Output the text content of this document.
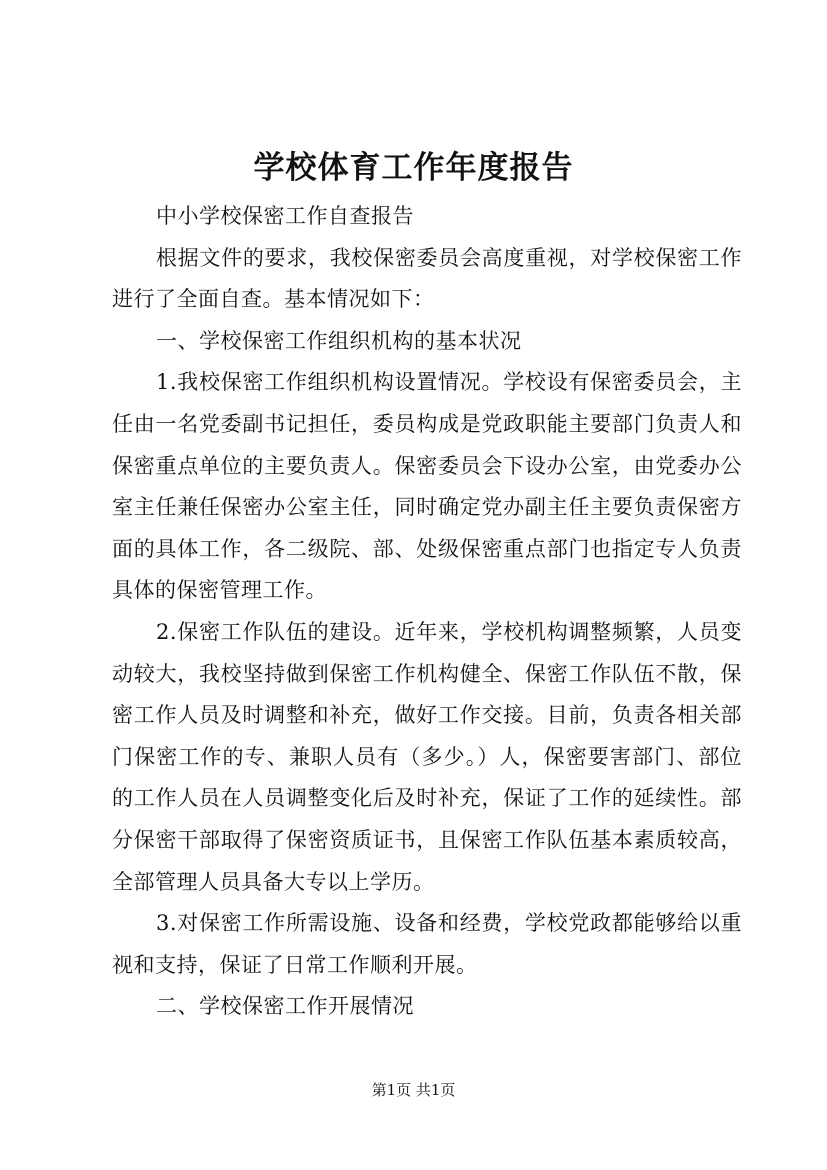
学校体育工作年度报告

中小学校保密工作自查报告

根据文件的要求，我校保密委员会高度重视，对学校保密工作进行了全面自查。基本情况如下：

一、学校保密工作组织机构的基本状况

1.我校保密工作组织机构设置情况。学校设有保密委员会，主任由一名党委副书记担任，委员构成是党政职能主要部门负责人和保密重点单位的主要负责人。保密委员会下设办公室，由党委办公室主任兼任保密办公室主任，同时确定党办副主任主要负责保密方面的具体工作，各二级院、部、处级保密重点部门也指定专人负责具体的保密管理工作。

2.保密工作队伍的建设。近年来，学校机构调整频繁，人员变动较大，我校坚持做到保密工作机构健全、保密工作队伍不散，保密工作人员及时调整和补充，做好工作交接。目前，负责各相关部门保密工作的专、兼职人员有（多少。）人，保密要害部门、部位的工作人员在人员调整变化后及时补充，保证了工作的延续性。部分保密干部取得了保密资质证书，且保密工作队伍基本素质较高，全部管理人员具备大专以上学历。

3.对保密工作所需设施、设备和经费，学校党政都能够给以重视和支持，保证了日常工作顺利开展。

二、学校保密工作开展情况

第1页 共1页
